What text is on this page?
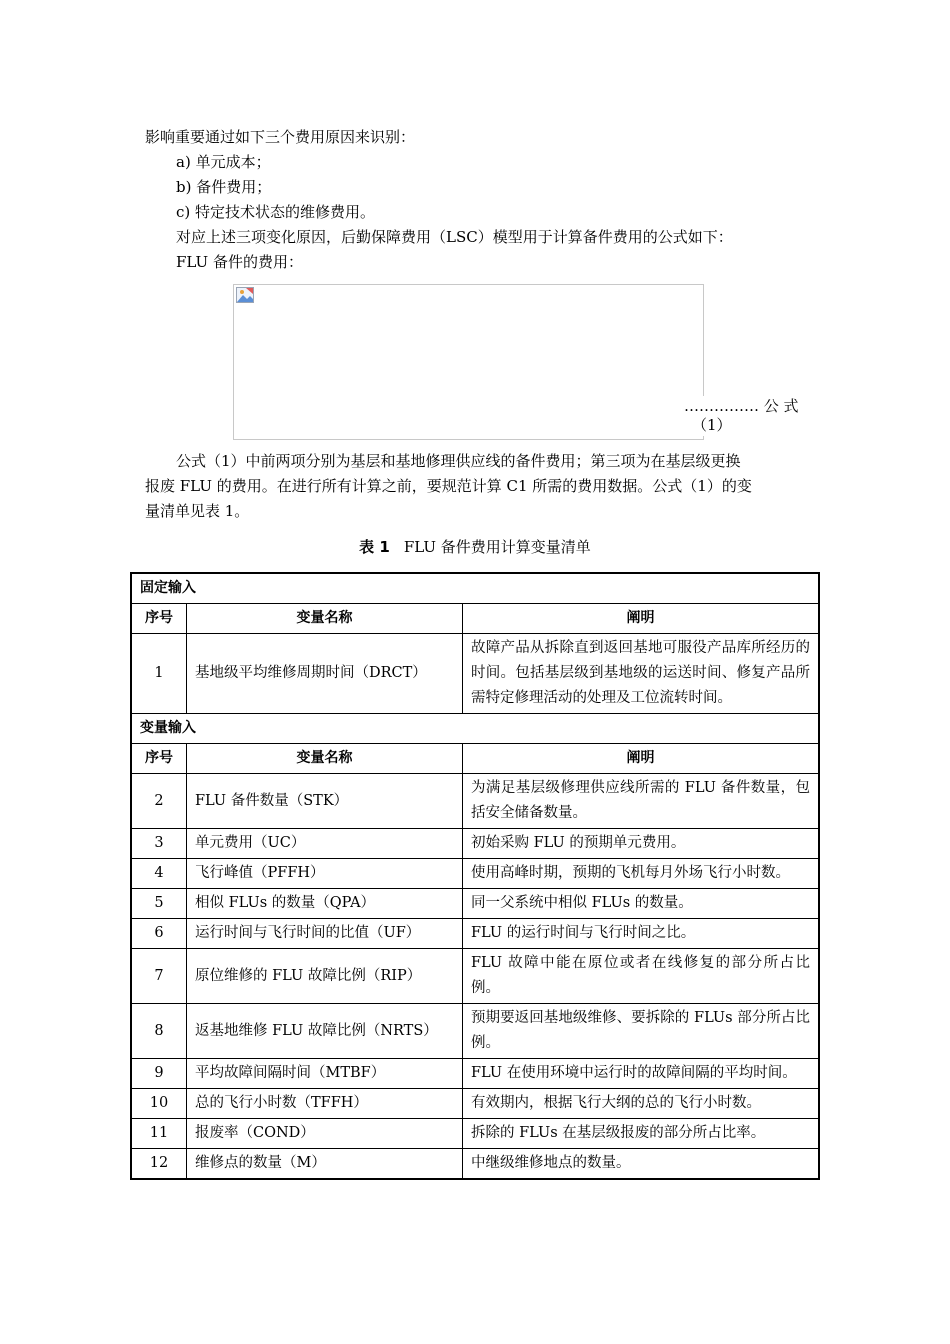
影响重要通过如下三个费用原因来识别：
a) 单元成本；
b) 备件费用；
c) 特定技术状态的维修费用。
对应上述三项变化原因，后勤保障费用（LSC）模型用于计算备件费用的公式如下：
FLU 备件的费用：
…………… 公 式
（1）
公式（1）中前两项分别为基层和基地修理供应线的备件费用；第三项为在基层级更换
报废 FLU 的费用。在进行所有计算之前，要规范计算 C1 所需的费用数据。公式（1）的变
量清单见表 1。
表 1 FLU 备件费用计算变量清单
固定输入		
序号	变量名称	阐明
1	基地级平均维修周期时间（DRCT）	故障产品从拆除直到返回基地可服役产品库所经历的时间。包括基层级到基地级的运送时间、修复产品所需特定修理活动的处理及工位流转时间。
变量输入		
序号	变量名称	阐明
2	FLU 备件数量（STK）	为满足基层级修理供应线所需的 FLU 备件数量，包括安全储备数量。
3	单元费用（UC）	初始采购 FLU 的预期单元费用。
4	飞行峰值（PFFH）	使用高峰时期，预期的飞机每月外场飞行小时数。
5	相似 FLUs 的数量（QPA）	同一父系统中相似 FLUs 的数量。
6	运行时间与飞行时间的比值（UF）	FLU 的运行时间与飞行时间之比。
7	原位维修的 FLU 故障比例（RIP）	FLU 故障中能在原位或者在线修复的部分所占比例。
8	返基地维修 FLU 故障比例（NRTS）	预期要返回基地级维修、要拆除的 FLUs 部分所占比例。
9	平均故障间隔时间（MTBF）	FLU 在使用环境中运行时的故障间隔的平均时间。
10	总的飞行小时数（TFFH）	有效期内，根据飞行大纲的总的飞行小时数。
11	报废率（COND）	拆除的 FLUs 在基层级报废的部分所占比率。
12	维修点的数量（M）	中继级维修地点的数量。
